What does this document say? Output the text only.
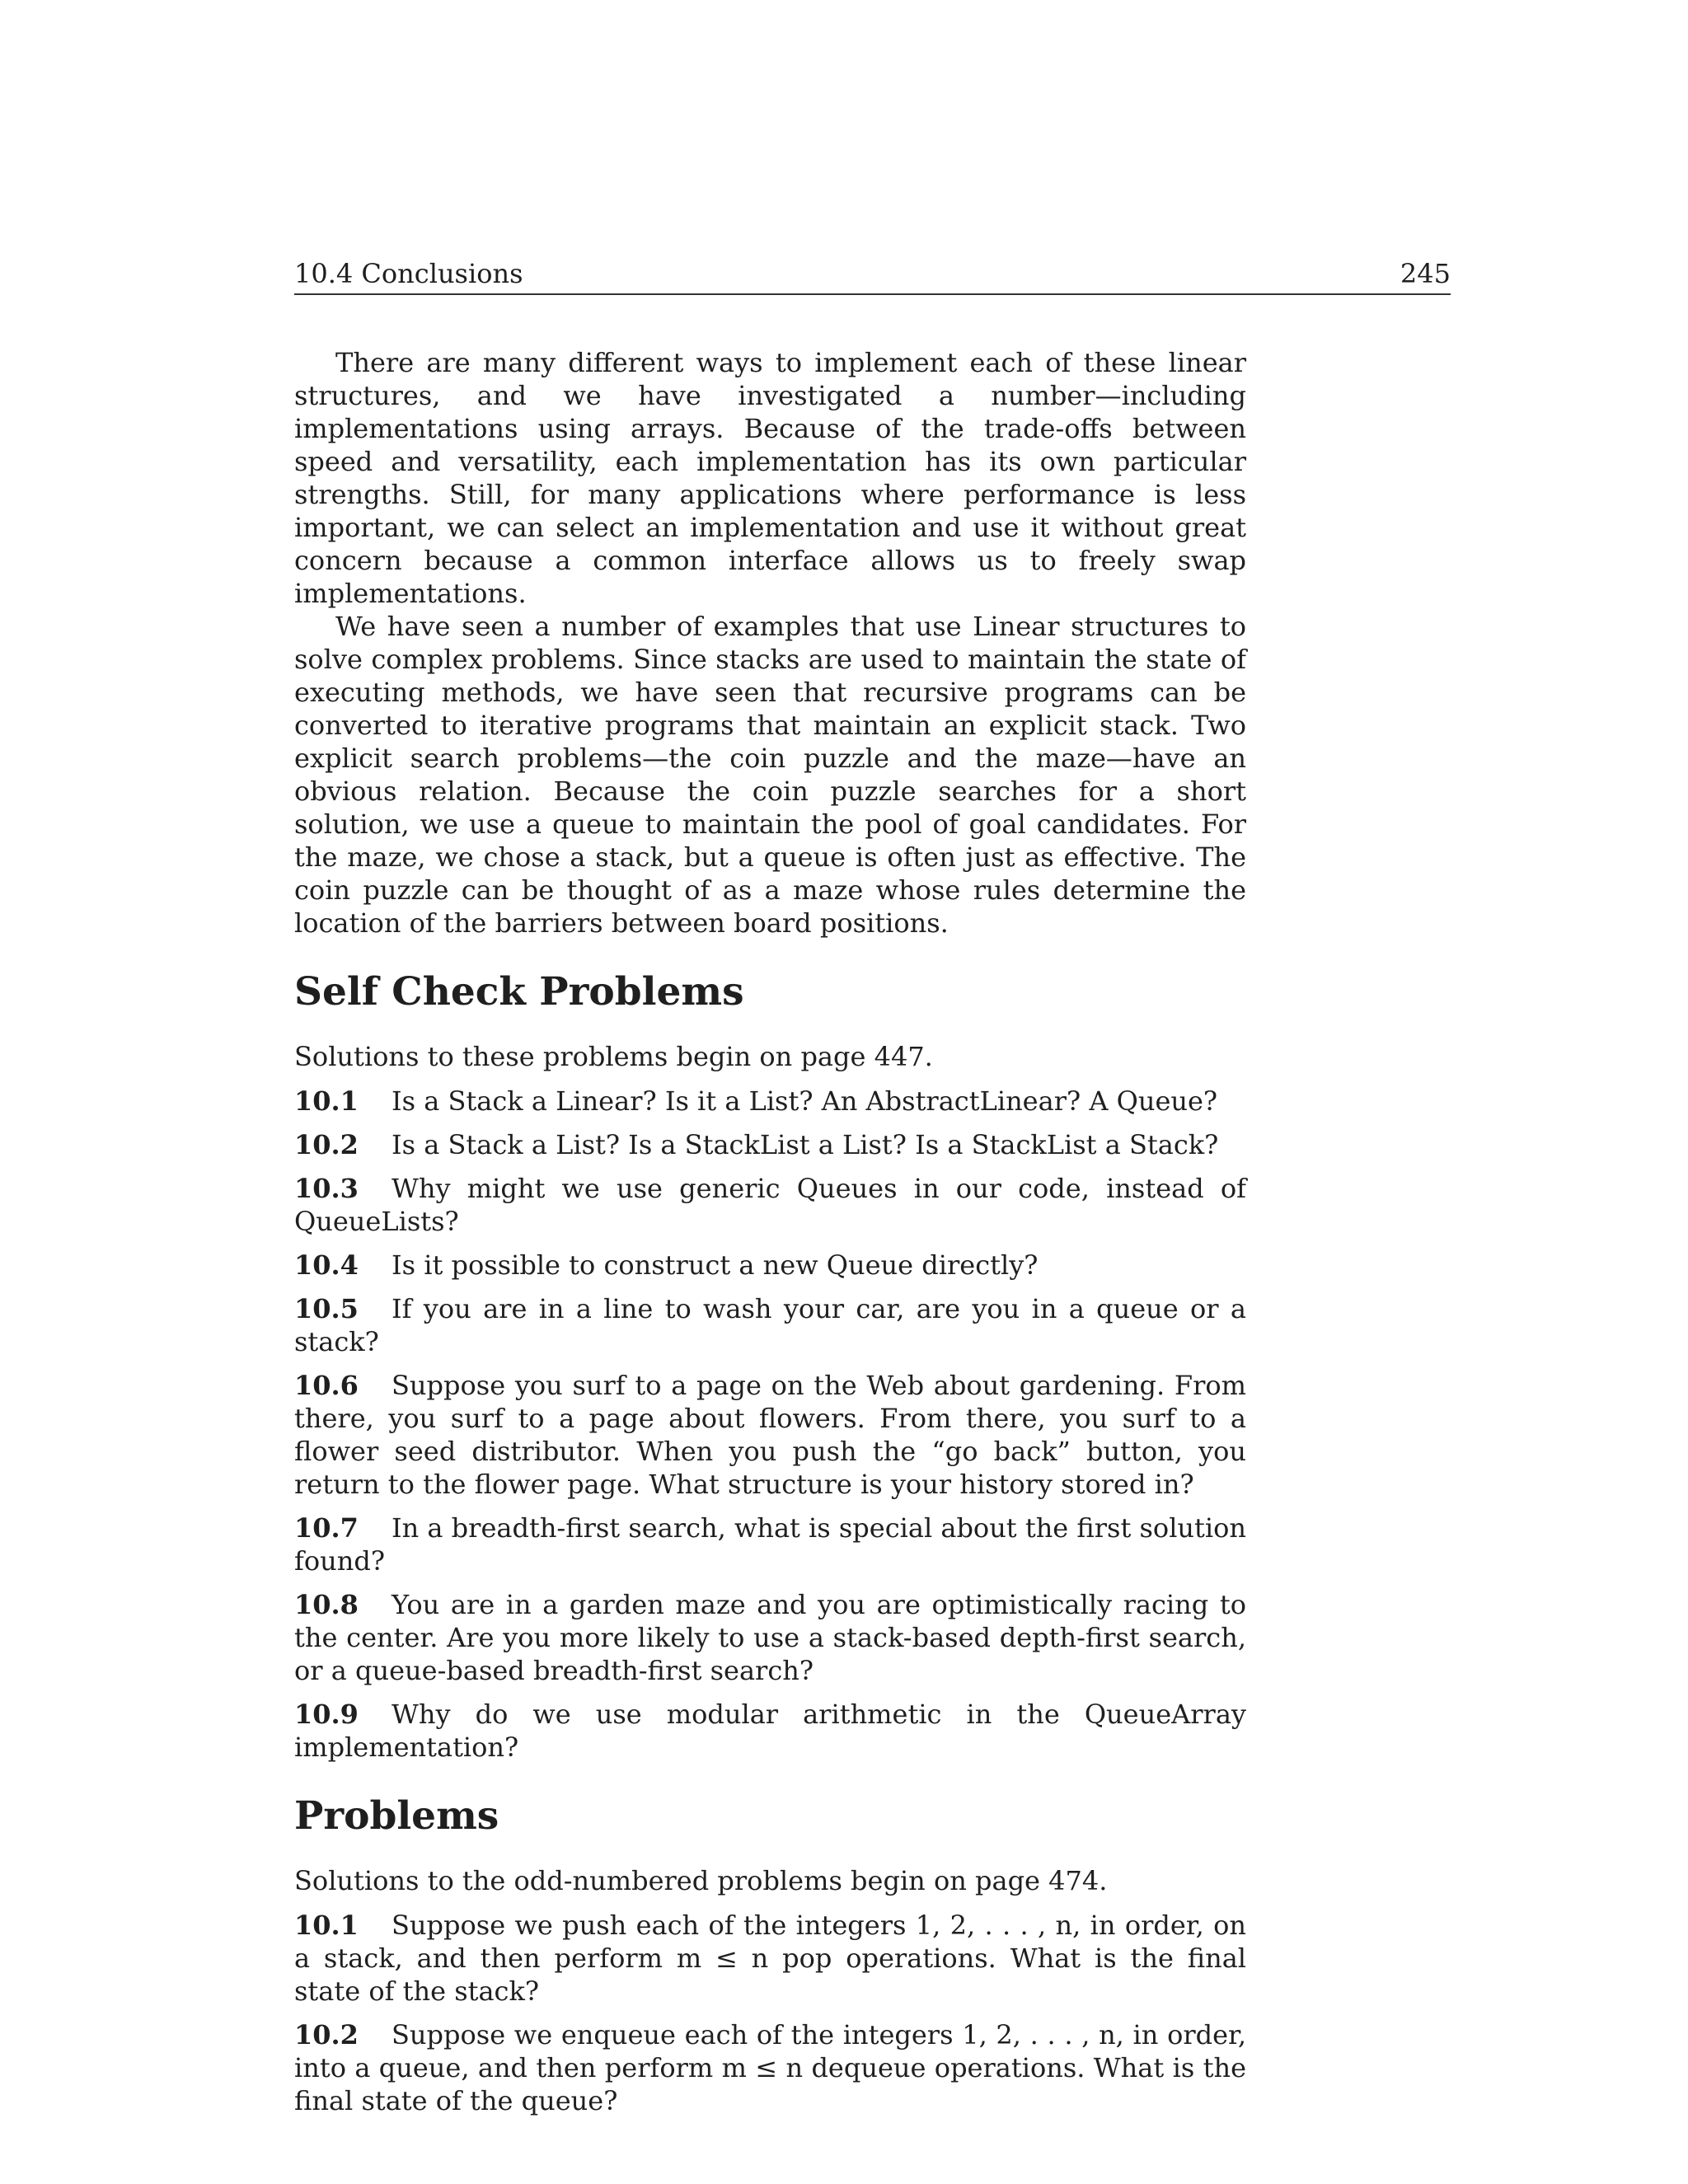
10.4 Conclusions	245

There are many different ways to implement each of these linear structures, and we have investigated a number—including implementations using arrays. Because of the trade-offs between speed and versatility, each implementation has its own particular strengths. Still, for many applications where performance is less important, we can select an implementation and use it without great concern because a common interface allows us to freely swap implementations.

We have seen a number of examples that use Linear structures to solve complex problems. Since stacks are used to maintain the state of executing methods, we have seen that recursive programs can be converted to iterative programs that maintain an explicit stack. Two explicit search problems—the coin puzzle and the maze—have an obvious relation. Because the coin puzzle searches for a short solution, we use a queue to maintain the pool of goal candidates. For the maze, we chose a stack, but a queue is often just as effective. The coin puzzle can be thought of as a maze whose rules determine the location of the barriers between board positions.

Self Check Problems

Solutions to these problems begin on page 447.

10.1 Is a Stack a Linear? Is it a List? An AbstractLinear? A Queue?
10.2 Is a Stack a List? Is a StackList a List? Is a StackList a Stack?
10.3 Why might we use generic Queues in our code, instead of QueueLists?
10.4 Is it possible to construct a new Queue directly?
10.5 If you are in a line to wash your car, are you in a queue or a stack?
10.6 Suppose you surf to a page on the Web about gardening. From there, you surf to a page about flowers. From there, you surf to a flower seed distributor. When you push the “go back” button, you return to the flower page. What structure is your history stored in?
10.7 In a breadth-first search, what is special about the first solution found?
10.8 You are in a garden maze and you are optimistically racing to the center. Are you more likely to use a stack-based depth-first search, or a queue-based breadth-first search?
10.9 Why do we use modular arithmetic in the QueueArray implementation?
Problems

Solutions to the odd-numbered problems begin on page 474.

10.1 Suppose we push each of the integers 1, 2, . . . , n, in order, on a stack, and then perform m ≤ n pop operations. What is the final state of the stack?
10.2 Suppose we enqueue each of the integers 1, 2, . . . , n, in order, into a queue, and then perform m ≤ n dequeue operations. What is the final state of the queue?
